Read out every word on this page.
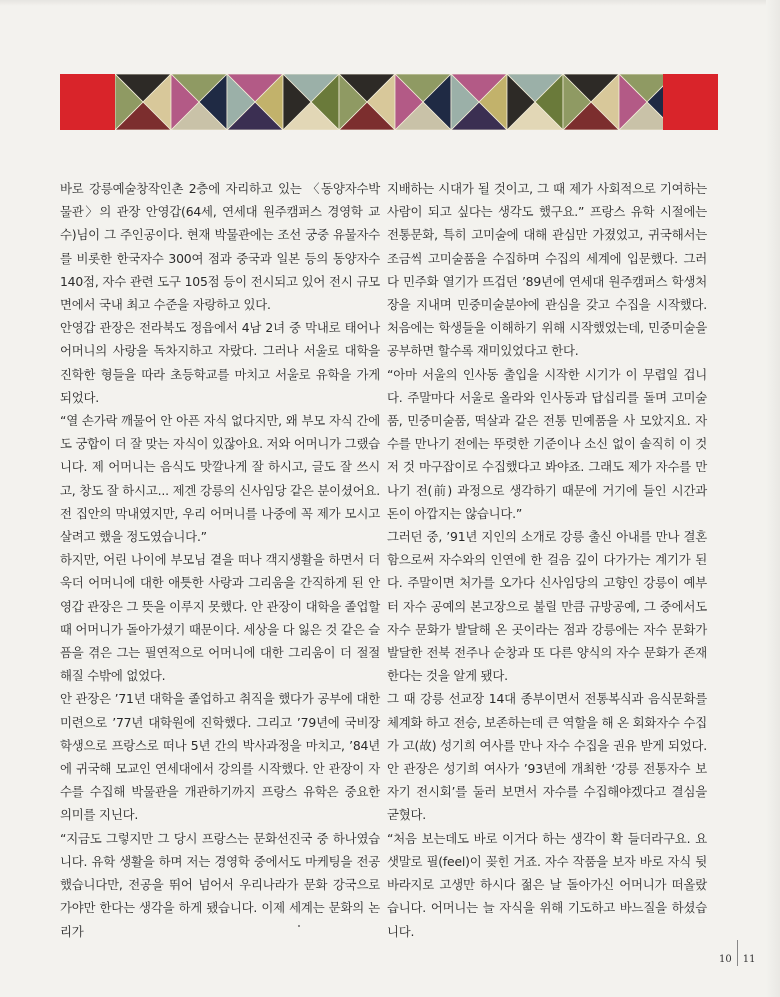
바로 강릉예술창작인촌 2층에 자리하고 있는 〈동양자수박물관〉의 관장 안영갑(64세, 연세대 원주캠퍼스 경영학 교수)님이 그 주인공이다. 현재 박물관에는 조선 궁중 유물자수를 비롯한 한국자수 300여 점과 중국과 일본 등의 동양자수 140점, 자수 관련 도구 105점 등이 전시되고 있어 전시 규모면에서 국내 최고 수준을 자랑하고 있다.

안영갑 관장은 전라북도 정읍에서 4남 2녀 중 막내로 태어나 어머니의 사랑을 독차지하고 자랐다. 그러나 서울로 대학을 진학한 형들을 따라 초등학교를 마치고 서울로 유학을 가게 되었다.

“열 손가락 깨물어 안 아픈 자식 없다지만, 왜 부모 자식 간에도 궁합이 더 잘 맞는 자식이 있잖아요. 저와 어머니가 그랬습니다. 제 어머니는 음식도 맛깔나게 잘 하시고, 글도 잘 쓰시고, 창도 잘 하시고... 제겐 강릉의 신사임당 같은 분이셨어요. 전 집안의 막내였지만, 우리 어머니를 나중에 꼭 제가 모시고 살려고 했을 정도였습니다.”

하지만, 어린 나이에 부모님 곁을 떠나 객지생활을 하면서 더욱더 어머니에 대한 애틋한 사랑과 그리움을 간직하게 된 안영갑 관장은 그 뜻을 이루지 못했다. 안 관장이 대학을 졸업할 때 어머니가 돌아가셨기 때문이다. 세상을 다 잃은 것 같은 슬픔을 겪은 그는 필연적으로 어머니에 대한 그리움이 더 절절해질 수밖에 없었다.

안 관장은 ’71년 대학을 졸업하고 취직을 했다가 공부에 대한 미련으로 ’77년 대학원에 진학했다. 그리고 ’79년에 국비장학생으로 프랑스로 떠나 5년 간의 박사과정을 마치고, ’84년에 귀국해 모교인 연세대에서 강의를 시작했다. 안 관장이 자수를 수집해 박물관을 개관하기까지 프랑스 유학은 중요한 의미를 지닌다.

“지금도 그렇지만 그 당시 프랑스는 문화선진국 중 하나였습니다. 유학 생활을 하며 저는 경영학 중에서도 마케팅을 전공했습니다만, 전공을 뛰어 넘어서 우리나라가 문화 강국으로 가야만 한다는 생각을 하게 됐습니다. 이제 세계는 문화의 논리가

지배하는 시대가 될 것이고, 그 때 제가 사회적으로 기여하는 사람이 되고 싶다는 생각도 했구요.” 프랑스 유학 시절에는 전통문화, 특히 고미술에 대해 관심만 가졌었고, 귀국해서는 조금씩 고미술품을 수집하며 수집의 세계에 입문했다. 그러다 민주화 열기가 뜨겁던 ’89년에 연세대 원주캠퍼스 학생처장을 지내며 민중미술분야에 관심을 갖고 수집을 시작했다. 처음에는 학생들을 이해하기 위해 시작했었는데, 민중미술을 공부하면 할수록 재미있었다고 한다.

“아마 서울의 인사동 출입을 시작한 시기가 이 무렵일 겁니다. 주말마다 서울로 올라와 인사동과 답십리를 돌며 고미술품, 민중미술품, 떡살과 같은 전통 민예품을 사 모았지요. 자수를 만나기 전에는 뚜렷한 기준이나 소신 없이 솔직히 이 것 저 것 마구잡이로 수집했다고 봐야죠. 그래도 제가 자수를 만나기 전(前) 과정으로 생각하기 때문에 거기에 들인 시간과 돈이 아깝지는 않습니다.”

그러던 중, ’91년 지인의 소개로 강릉 출신 아내를 만나 결혼함으로써 자수와의 인연에 한 걸음 깊이 다가가는 계기가 된다. 주말이면 처가를 오가다 신사임당의 고향인 강릉이 예부터 자수 공예의 본고장으로 불릴 만큼 규방공예, 그 중에서도 자수 문화가 발달해 온 곳이라는 점과 강릉에는 자수 문화가 발달한 전북 전주나 순창과 또 다른 양식의 자수 문화가 존재한다는 것을 알게 됐다.

그 때 강릉 선교장 14대 종부이면서 전통복식과 음식문화를 체계화 하고 전승, 보존하는데 큰 역할을 해 온 회화자수 수집가 고(故) 성기희 여사를 만나 자수 수집을 권유 받게 되었다. 안 관장은 성기희 여사가 ’93년에 개최한 ‘강릉 전통자수 보자기 전시회’를 둘러 보면서 자수를 수집해야겠다고 결심을 굳혔다.

“처음 보는데도 바로 이거다 하는 생각이 확 들더라구요. 요샛말로 필(feel)이 꽂힌 거죠. 자수 작품을 보자 바로 자식 뒷바라지로 고생만 하시다 젊은 날 돌아가신 어머니가 떠올랐습니다. 어머니는 늘 자식을 위해 기도하고 바느질을 하셨습니다.

10 11
